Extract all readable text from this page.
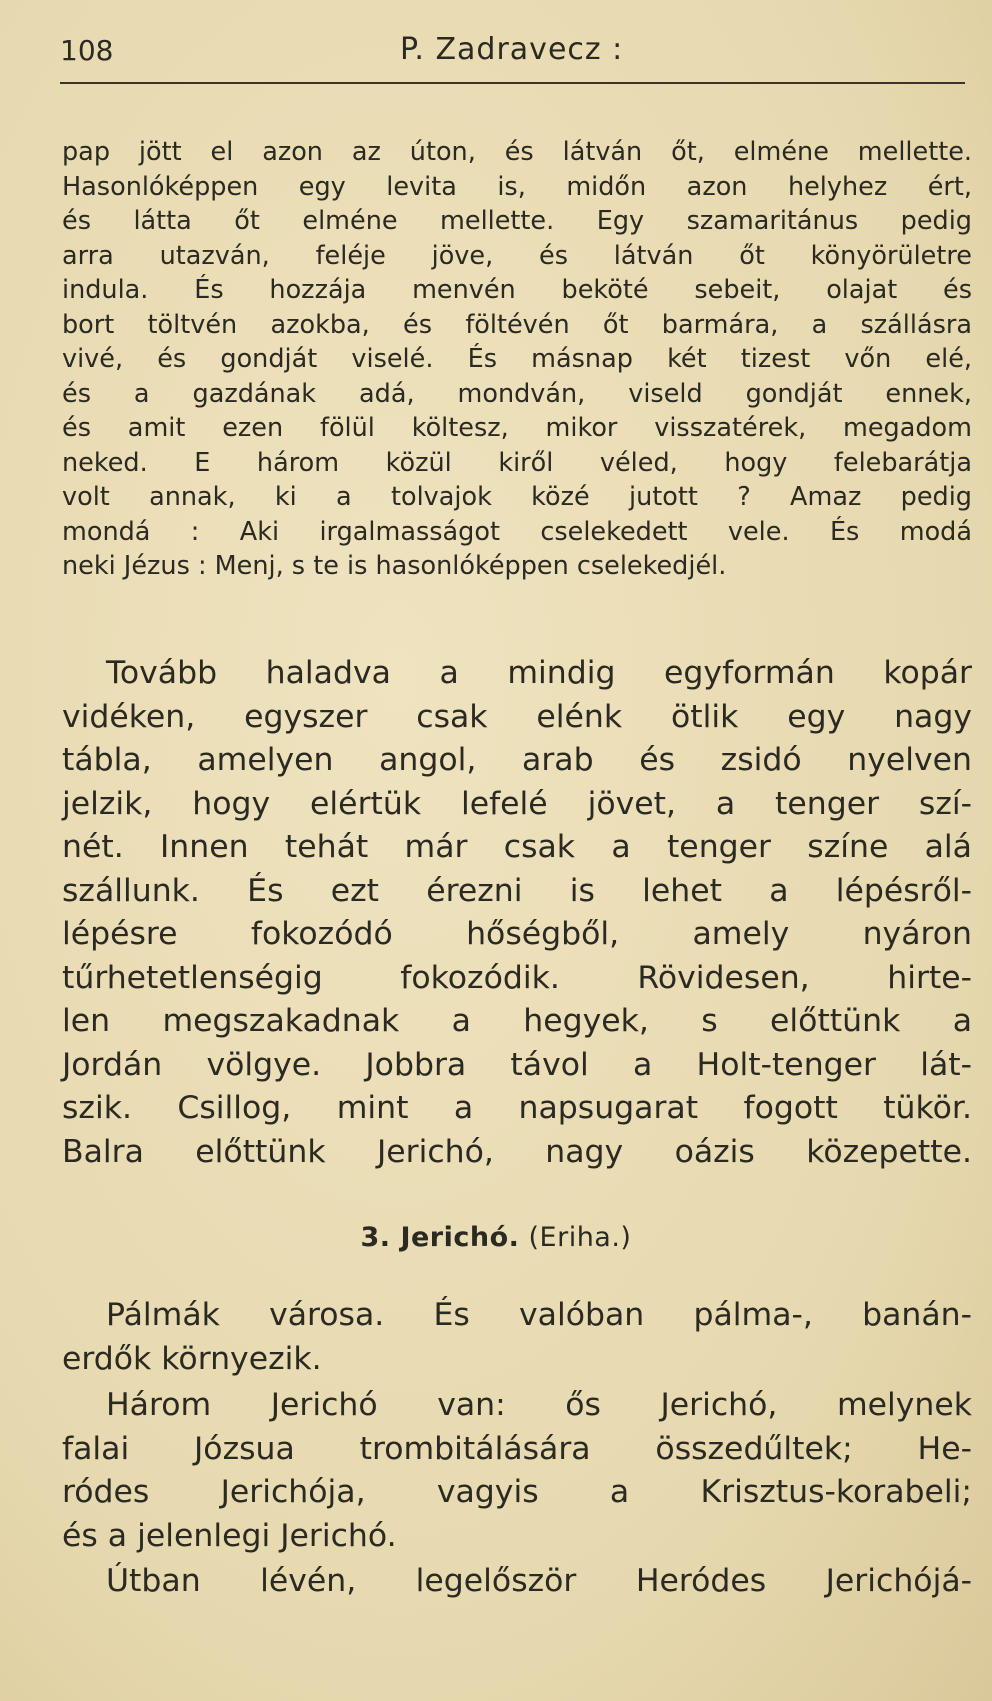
108	P. Zadravecz :
pap jött el azon az úton, és látván őt, elméne mellette.
Hasonlóképpen egy levita is, midőn azon helyhez ért,
és látta őt elméne mellette. Egy szamaritánus pedig
arra utazván, feléje jöve, és látván őt könyörületre
indula. És hozzája menvén beköté sebeit, olajat és
bort töltvén azokba, és föltévén őt barmára, a szállásra
vivé, és gondját viselé. És másnap két tizest vőn elé,
és a gazdának adá, mondván, viseld gondját ennek,
és amit ezen fölül költesz, mikor visszatérek, megadom
neked. E három közül kiről véled, hogy felebarátja
volt annak, ki a tolvajok közé jutott ? Amaz pedig
mondá : Aki irgalmasságot cselekedett vele. És modá
neki Jézus : Menj, s te is hasonlóképpen cselekedjél.
Tovább haladva a mindig egyformán kopár
vidéken, egyszer csak elénk ötlik egy nagy
tábla, amelyen angol, arab és zsidó nyelven
jelzik, hogy elértük lefelé jövet, a tenger szí-
nét. Innen tehát már csak a tenger színe alá
szállunk. És ezt érezni is lehet a lépésről-
lépésre fokozódó hőségből, amely nyáron
tűrhetetlenségig fokozódik. Rövidesen, hirte-
len megszakadnak a hegyek, s előttünk a
Jordán völgye. Jobbra távol a Holt-tenger lát-
szik. Csillog, mint a napsugarat fogott tükör.
Balra előttünk Jerichó, nagy oázis közepette.
3. Jerichó. (Eriha.)
Pálmák városa. És valóban pálma-, banán-
erdők környezik.
Három Jerichó van: ős Jerichó, melynek
falai Józsua trombitálására összedűltek; He-
ródes Jerichója, vagyis a Krisztus-korabeli;
és a jelenlegi Jerichó.
Útban lévén, legelőször Heródes Jerichójá-
